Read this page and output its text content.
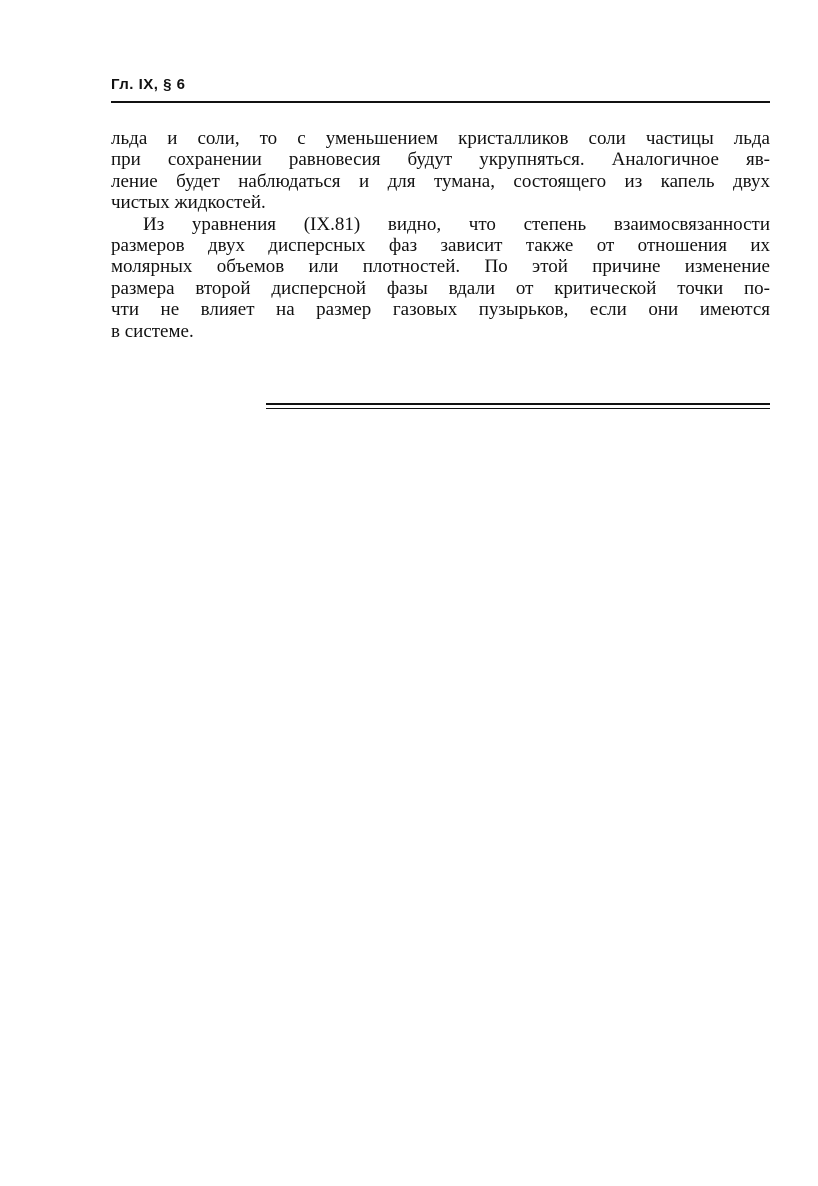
Гл. IX, § 6
льда и соли, то с уменьшением кристалликов соли частицы льда
при сохранении равновесия будут укрупняться. Аналогичное яв-
ление будет наблюдаться и для тумана, состоящего из капель двух
чистых жидкостей.
Из уравнения (IX.81) видно, что степень взаимосвязанности
размеров двух дисперсных фаз зависит также от отношения их
молярных объемов или плотностей. По этой причине изменение
размера второй дисперсной фазы вдали от критической точки по-
чти не влияет на размер газовых пузырьков, если они имеются
в системе.
